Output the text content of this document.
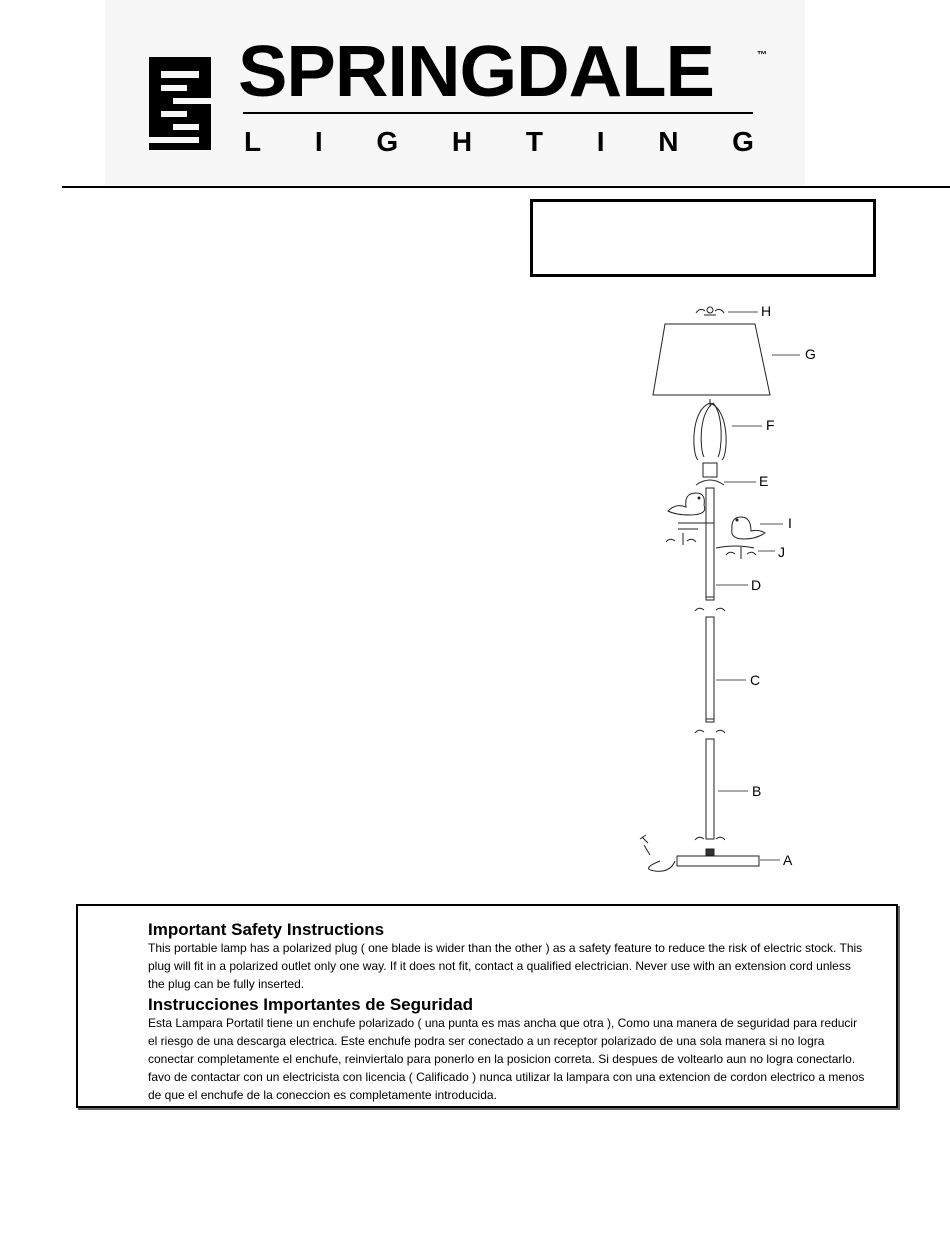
SPRINGDALE	™
L I G H T I N G
H
G
F
E
I
J
D
C
B
A
Important Safety Instructions

This portable lamp has a polarized plug ( one blade is wider than the other ) as a safety feature to reduce the risk of electric stock. This plug will fit in a polarized outlet only one way. If it does not fit, contact a qualified electrician. Never use with an extension cord unless the plug can be fully inserted.

Instrucciones Importantes de Seguridad

Esta Lampara Portatil tiene un enchufe polarizado ( una punta es mas ancha que otra ), Como una manera de seguridad para reducir el riesgo de una descarga electrica. Este enchufe podra ser conectado a un receptor polarizado de una sola manera si no logra conectar completamente el enchufe, reinviertalo para ponerlo en la posicion correta. Si despues de voltearlo aun no logra conectarlo. favo de contactar con un electricista con licencia ( Calificado ) nunca utilizar la lampara con una extencion de cordon electrico a menos de que el enchufe de la coneccion es completamente introducida.
